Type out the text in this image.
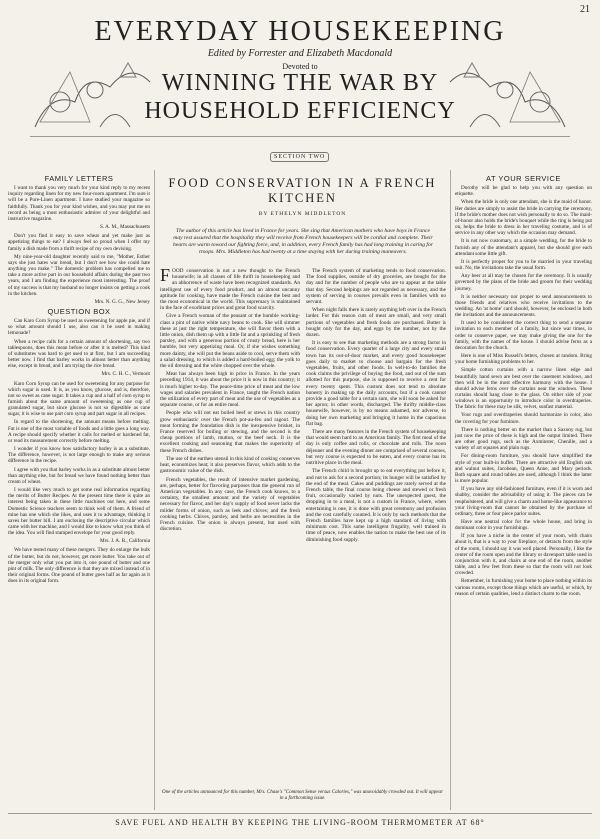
21
EVERYDAY HOUSEKEEPING
Edited by Forrester and Elizabeth Macdonald
Devoted to
WINNING THE WAR BY
HOUSEHOLD EFFICIENCY
SECTION TWO
FAMILY LETTERS

I want to thank you very much for your kind reply to my recent inquiry regarding linen for my new four-room apartment. I'm sure it will be a Pure-Linen apartment. I have studied your magazine so faithfully. Thank you for your kind wishes, and you may put me on record as being a most enthusiastic admirer of your delightful and instructive magazine.

S. A. M., Massachusetts

Don't you find it easy to save wheat and yet make just as appetizing things to eat? I always feel so proud when I offer my family a dish made from a thrift recipe of my own devising.

My nine-year-old daughter recently said to me, "Mother, Esther says she just hates war bread, but I don't see how she could hate anything you make." The domestic problem has compelled me to take a more active part in our household affairs during the past two years, and I am finding the experience most interesting. The proof of my success is that my husband no longer insists on getting a cook in the kitchen.

Mrs. N. G. G., New Jersey

QUESTION BOX

Can Karo Corn Syrup be used as sweetening for apple pie, and if so what amount should I use, also can it be used in making lemonade?

When a recipe calls for a certain amount of shortening, say two tablespoons, does this mean before or after it is melted? This kind of substitutes was hard to get used to at first, but I am succeeding better now. I find that barley works in almost better than anything else, except in bread, and I am trying the rice bread.

Mrs. C. H. C., Vermont

Karo Corn Syrup can be used for sweetening for any purpose for which sugar is used. It is, as you know, glucose, and is, therefore, not so sweet as cane sugar. It takes a cup and a half of corn syrup to furnish about the same amount of sweetening as one cup of granulated sugar, but since glucose is not so digestible as cane sugar, it is wise to use part corn syrup and part sugar in all recipes.

In regard to the shortening, the amount means before melting. Fat is one of the most variable of foods and a little goes a long way. A recipe should specify whether it calls for melted or hardened fat, or read its measurement correctly before melting.

I wonder if you know how satisfactory barley is as a substitute. The difference, however, is not large enough to make any serious difference in the recipe.

I agree with you that barley works in as a substitute almost better than anything else, but for bread we have found nothing better than cream of wheat.

I would like very much to get some real information regarding the merits of Butter Recipes. At the present time there is quite an interest being taken in these little machines out here, and some Domestic Science teachers seem to think well of them. A friend of mine has one which she likes, and uses it to advantage, thinking it saves her butter bill. I am enclosing the descriptive circular which came with her machine, and I would like to know what you think of the idea. You will find stamped envelope for your good reply.

Mrs. J. A. B., California

We have tested many of these mergers. They do enlarge the bulk of the butter, but do not, however, get more butter. You take out of the merger only what you put into it, one pound of butter and one pint of milk. The only difference is that they are mixed instead of in their original forms. One pound of butter goes half as far again as it does in its original form.

FOOD CONSERVATION IN A FRENCH KITCHEN
BY ETHELYN MIDDLETON
The author of this article has lived in France for years. She sing that American mothers who have boys in France may rest assured that the hospitality they will receive from French housekeepers will be cordial and complete. Their hearts are warm toward our fighting force, and, in addition, every French family has had long training in caring for troops. Mrs. Middleton has had twenty at a time staying with her during training maneuvers.

FOOD conservation is not a new thought to the French housewife; in all classes of life thrift in housekeeping and an abhorrence of waste have been recognized standards. An intelligent use of every food product, and an almost uncanny aptitude for cooking, have made the French cuisine the best and the most economical in the world. This supremacy is maintained in the face of exorbitant prices and great food scarcity.

Give a French woman of the peasant or the humble working-class a pint of native white navy beans to cook. She will simmer these at just the right temperature, she will flavor them with a little onion, dish them up with a little fat and a sprinkling of fresh parsley, and with a generous portion of crusty bread, here is her humble, but very appetizing meal. Or, if she wishes something more dainty, she will put the beans aside to cool, serve them with a salad dressing, to which is added a hard-boiled egg; the yolk to the oil dressing and the white chopped over the whole.

Meat has always been high in price in France. In the years preceding 1914, it was about the price it is now in this country; it is much higher to-day. The peace-time price of meat and the low wages and salaries prevalent in France, taught the French nation the utilization of every part of meat and the use of vegetables as a separate course, or for an entire meal.

People who will not eat boiled beef or stews in this country grow enthusiastic over the French pot-au-feu and ragout. The meat forming the foundation dish is the inexpensive brisket, in France reserved for boiling or stewing, and the second is the cheap portions of lamb, mutton, or the beef neck. It is the excellent cooking and seasoning that makes the superiority of these French dishes.

The use of the earthen utensil in this kind of cooking conserves heat, economizes heat; it also preserves flavor, which adds to the gastronomic value of the dish.

French vegetables, the result of intensive market gardening, are, perhaps, better for flavoring purposes than the general run of American vegetables. In any case, the French cook knows, to a certainty, the smallest amount and the variety of vegetables necessary for flavor, and her day's supply of food never lacks the milder forms of onion, such as leek and chives; and the fresh cooking herbs. Chives, parsley, and herbs are necessities in the French cuisine. The onion is always present, but used with discretion.

The French system of marketing tends to food conservation. The food supplies, outside of dry groceries, are bought for the day and for the number of people who are to appear at the table that day. Second helpings are not regarded as necessary, and the system of serving in courses prevails even in families with no servant.

When night falls there is rarely anything left over in the French larder. For this reason cuts of meat are small, and very small portions of vegetables and fresh foods are purchased. Butter is bought only for the day, and eggs by the number, not by the dozen.

It is easy to see that marketing methods are a strong factor in food conservation. Every quarter of a large city and every small town has its out-of-door market, and every good housekeeper goes daily to market to choose and bargain for the fresh vegetables, fruits, and other foods. In well-to-do families the cook claims the privilege of buying the food, and out of the sum allotted for this purpose, she is supposed to receive a cent for every twenty spent. This custom does not tend to absolute honesty in making up the daily accounts, but if a cook cannot provide a good table for a certain sum, she will soon be asked for her apron; in other words, discharged. The thrifty middle-class housewife, however, is by no means ashamed, nor adverse, to doing her own marketing and bringing it home in the capacious flat bag.

There are many features in the French system of housekeeping that would seem hard to an American family. The first meal of the day is only coffee and rolls, or chocolate and rolls. The noon déjeuner and the evening dinner are comprised of several courses, but very course is expected to be eaten, and every course has its nutritive place in the meal.

The French child is brought up to eat everything put before it, and not to ask for a second portion; its hunger will be satisfied by the end of the meal. Cakes and puddings are rarely served at the French table, the final course being cheese and stewed or fresh fruit, occasionally varied by nuts. The unexpected guest, the dropping in to a meal, is not a custom in France, where, when entertaining is one, it is done with great ceremony and profusion and the cost carefully counted. It is only by such methods that the French families have kept up a high standard of living with minimum cost. This same intelligent frugality, well trained in time of peace, now enables the nation to make the best use of its diminishing food supply.

One of the articles announced for this number, Mrs. Chase's "Common Sense versus Calories," was unavoidably crowded out. It will appear in a forthcoming issue.
AT YOUR SERVICE

Dorothy will be glad to help you with any question on etiquette.

When the bride is only one attendant, she is the maid of honor. Her duties are simply to assist the bride in carrying the ceremony, if the bride's mother does not wish personally to do so. The maid-of-honor also holds the bride's bouquet while the ring is being put on, helps the bride to dress in her traveling costume, and is of service in any other way which the occasion may demand.

It is not now customary, at a simple wedding, for the bride to furnish any of the attendant's apparel, but she should give each attendant some little gift.

It is perfectly proper for you to be married in your traveling suit. No, the invitations take the usual form.

Any beer at all may be chosen for the ceremony. It is usually governed by the plans of the bride and groom for their wedding journey.

It is neither necessary nor proper to send announcements to those friends and relatives who receive invitations to the wedding. An 'at home' card should, however, be enclosed in both the invitations and the announcements.

It used to be considered the correct thing to send a separate invitation to each member of a family, but since war times, in order to conserve paper, we may make giving the one for the family, with the names of the house. I should advise ferns as a decoration for the church.

Here is one of Miss Russell's letters, chosen at random. Bring your home furnishing problems to her.

Simple cotton curtains with a narrow linen edge and beautifully hand sewn are best over the casement windows, and then will be in the most effective harmony with the house. I should advise ferns over the curtains near the windows. These curtains should hang close to the glass. On either side of your windows is an opportunity to introduce color in overdraperies. The fabric for these may be silk, velvet, sunfast material.

Your rugs and overdraperies should harmonize in color, also the covering for your furniture.

There is nothing better on the market than a Saxony rug, but just now the price of these is high and the output limited. There are other good rugs, such as the Axminster, Chenille, and a variety of art squares and plain rugs.

For dining-room furniture, you should have simplified the style of your built-in buffet. There are attractive old English oak and walnut suites, Jacobean, Queen Anne, and Mary periods. Both square and round tables are used, although I think the latter is more popular.

If you have any old-fashioned furniture, even if it is worn and shabby, consider the advisability of using it. The pieces can be reupholstered, and will give a charm and home-like appearance to your living-room that cannot be obtained by the purchase of ordinary, three or four piece parlor suites.

Have one neutral color for the whole house, and bring in dominant color in your furnishings.

If you have a niche in the center of your room, with chairs about it, that is a way to your fireplace, or detracts from the style of the room, I should say it was well placed. Personally, I like the center of the room open and the library or davenport table used in conjunction with it, and chairs at one end of the room, another table, and a few feet from these so that the room will not look crowded.

Remember, in furnishing your home to place nothing within its various rooms, except those things which are useful, or which, by reason of certain qualities, lend a distinct charm to the room.

SAVE FUEL AND HEALTH BY KEEPING THE LIVING-ROOM THERMOMETER AT 68°
